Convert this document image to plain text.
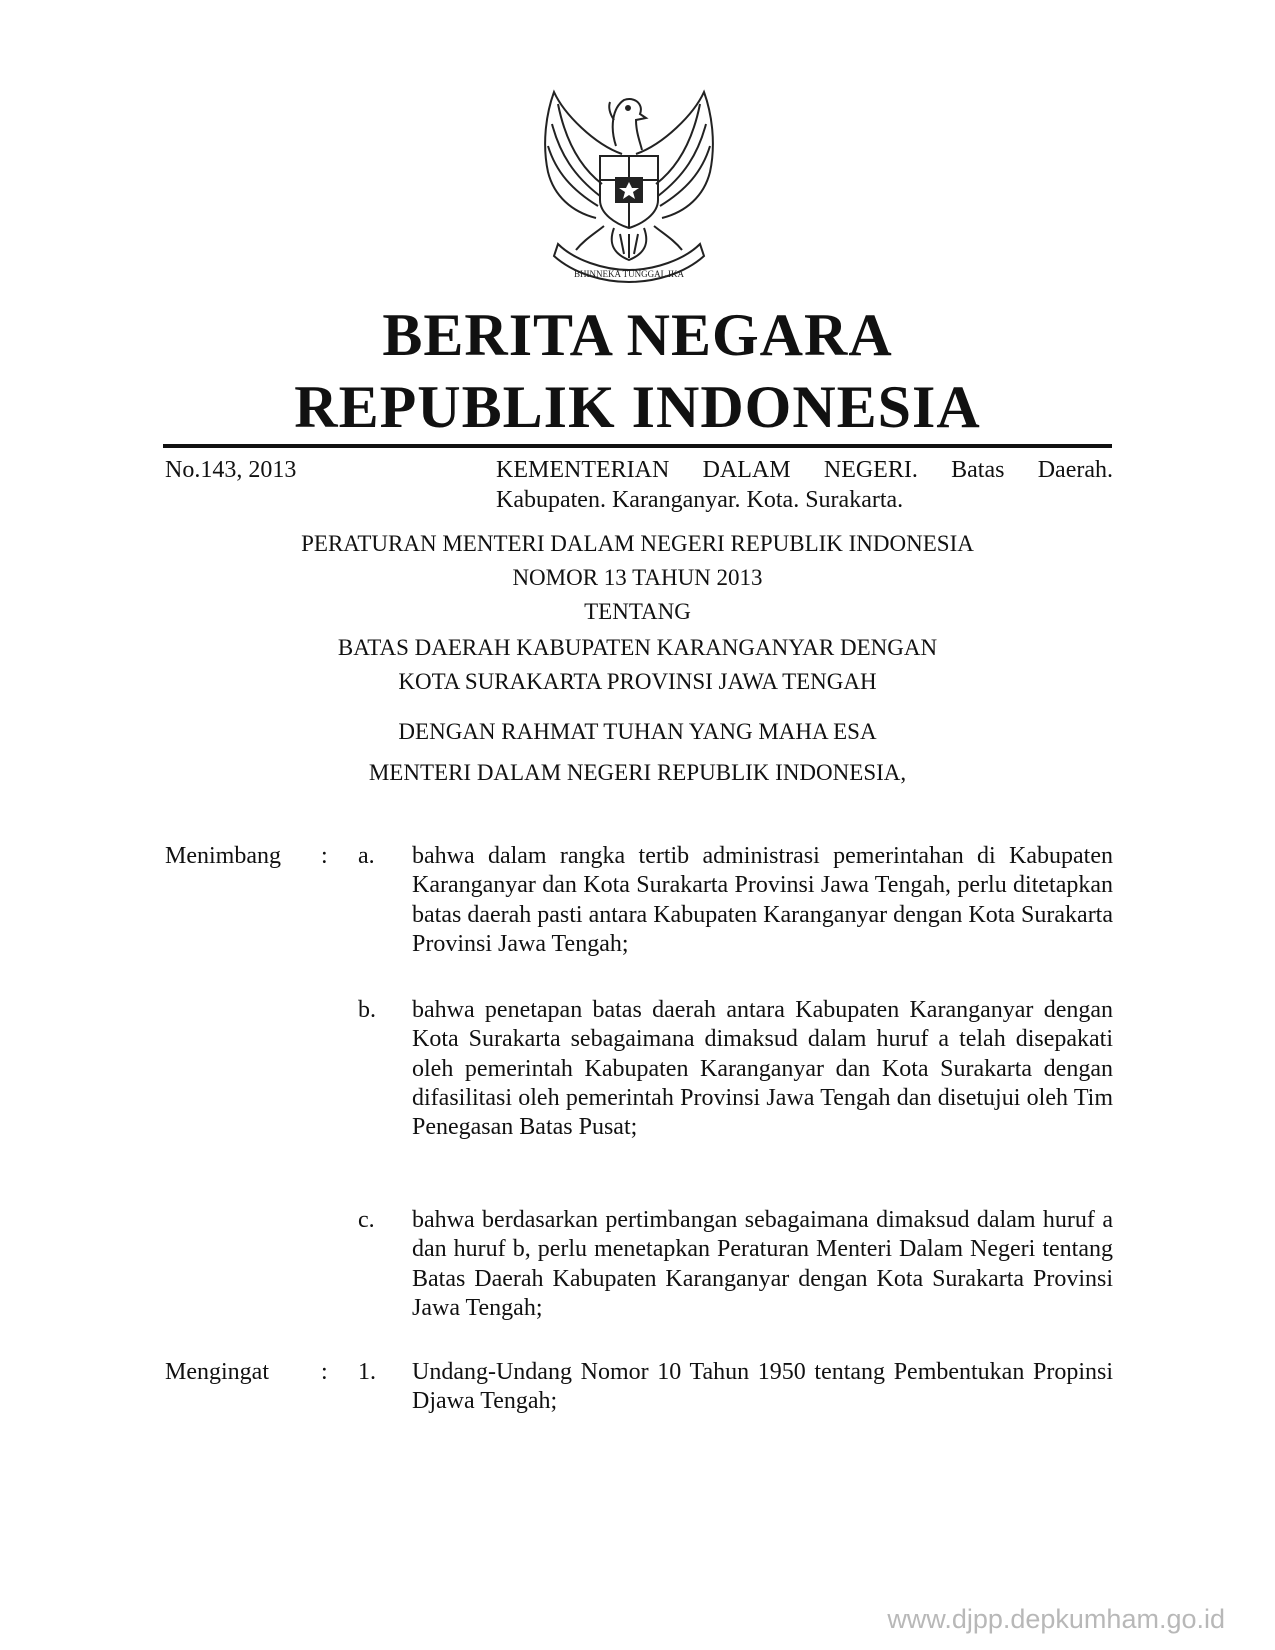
BHINNEKA TUNGGAL IKA
BERITA NEGARA
REPUBLIK INDONESIA
No.143, 2013	KEMENTERIAN DALAM NEGERI. Batas Daerah.
Kabupaten. Karanganyar. Kota. Surakarta.
PERATURAN MENTERI DALAM NEGERI REPUBLIK INDONESIA
NOMOR 13 TAHUN 2013
TENTANG
BATAS DAERAH KABUPATEN KARANGANYAR DENGAN
KOTA SURAKARTA PROVINSI JAWA TENGAH
DENGAN RAHMAT TUHAN YANG MAHA ESA
MENTERI DALAM NEGERI REPUBLIK INDONESIA,
Menimbang : a. bahwa dalam rangka tertib administrasi pemerintahan di Kabupaten Karanganyar dan Kota Surakarta Provinsi Jawa Tengah, perlu ditetapkan batas daerah pasti antara Kabupaten Karanganyar dengan Kota Surakarta Provinsi Jawa Tengah;
b. bahwa penetapan batas daerah antara Kabupaten Karanganyar dengan Kota Surakarta sebagaimana dimaksud dalam huruf a telah disepakati oleh pemerintah Kabupaten Karanganyar dan Kota Surakarta dengan difasilitasi oleh pemerintah Provinsi Jawa Tengah dan disetujui oleh Tim Penegasan Batas Pusat;
c. bahwa berdasarkan pertimbangan sebagaimana dimaksud dalam huruf a dan huruf b, perlu menetapkan Peraturan Menteri Dalam Negeri tentang Batas Daerah Kabupaten Karanganyar dengan Kota Surakarta Provinsi Jawa Tengah;
Mengingat : 1. Undang-Undang Nomor 10 Tahun 1950 tentang Pembentukan Propinsi Djawa Tengah;
www.djpp.depkumham.go.id
